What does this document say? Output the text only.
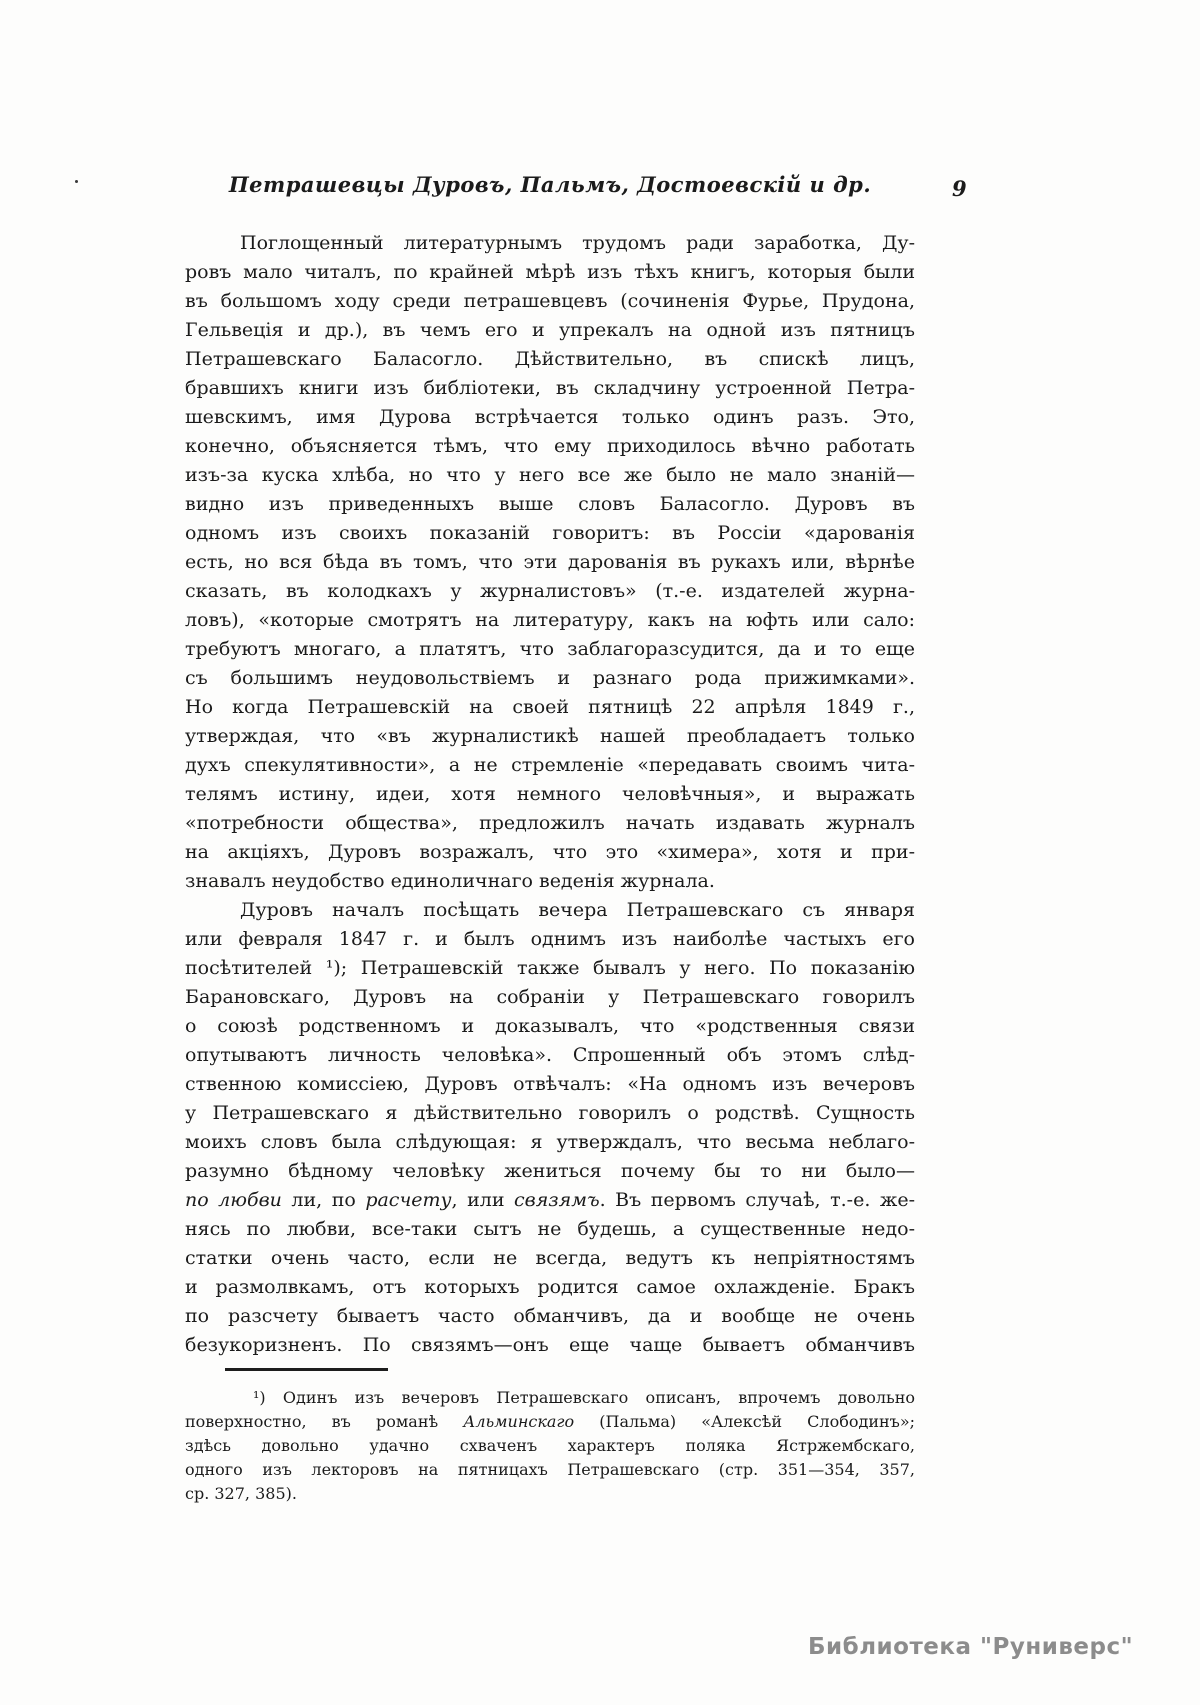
Петрашевцы Дуровъ, Пальмъ, Достоевскій и др.	9
Поглощенный литературнымъ трудомъ ради заработка, Ду-
ровъ мало читалъ, по крайней мѣрѣ изъ тѣхъ книгъ, которыя были
въ большомъ ходу среди петрашевцевъ (сочиненія Фурье, Прудона,
Гельвеція и др.), въ чемъ его и упрекалъ на одной изъ пятницъ
Петрашевскаго Баласогло. Дѣйствительно, въ спискѣ лицъ,
бравшихъ книги изъ библіотеки, въ складчину устроенной Петра-
шевскимъ, имя Дурова встрѣчается только одинъ разъ. Это,
конечно, объясняется тѣмъ, что ему приходилось вѣчно работать
изъ-за куска хлѣба, но что у него все же было не мало знаній—
видно изъ приведенныхъ выше словъ Баласогло. Дуровъ въ
одномъ изъ своихъ показаній говоритъ: въ Россіи «дарованія
есть, но вся бѣда въ томъ, что эти дарованія въ рукахъ или, вѣрнѣе
сказать, въ колодкахъ у журналистовъ» (т.-е. издателей журна-
ловъ), «которые смотрятъ на литературу, какъ на юфть или сало:
требуютъ многаго, а платятъ, что заблагоразсудится, да и то еще
съ большимъ неудовольствіемъ и разнаго рода прижимками».
Но когда Петрашевскій на своей пятницѣ 22 апрѣля 1849 г.,
утверждая, что «въ журналистикѣ нашей преобладаетъ только
духъ спекулятивности», а не стремленіе «передавать своимъ чита-
телямъ истину, идеи, хотя немного человѣчныя», и выражать
«потребности общества», предложилъ начать издавать журналъ
на акціяхъ, Дуровъ возражалъ, что это «химера», хотя и при-
знавалъ неудобство единоличнаго веденія журнала.
Дуровъ началъ посѣщать вечера Петрашевскаго съ января
или февраля 1847 г. и былъ однимъ изъ наиболѣе частыхъ его
посѣтителей ¹); Петрашевскій также бывалъ у него. По показанію
Барановскаго, Дуровъ на собраніи у Петрашевскаго говорилъ
о союзѣ родственномъ и доказывалъ, что «родственныя связи
опутываютъ личность человѣка». Спрошенный объ этомъ слѣд-
ственною комиссіею, Дуровъ отвѣчалъ: «На одномъ изъ вечеровъ
у Петрашевскаго я дѣйствительно говорилъ о родствѣ. Сущность
моихъ словъ была слѣдующая: я утверждалъ, что весьма неблаго-
разумно бѣдному человѣку жениться почему бы то ни было—
по любви ли, по расчету, или связямъ. Въ первомъ случаѣ, т.-е. же-
нясь по любви, все-таки сытъ не будешь, а существенные недо-
статки очень часто, если не всегда, ведутъ къ непріятностямъ
и размолвкамъ, отъ которыхъ родится самое охлажденіе. Бракъ
по разсчету бываетъ часто обманчивъ, да и вообще не очень
безукоризненъ. По связямъ—онъ еще чаще бываетъ обманчивъ
¹) Одинъ изъ вечеровъ Петрашевскаго описанъ, впрочемъ довольно
поверхностно, въ романѣ Альминскаго (Пальма) «Алексѣй Слободинъ»;
здѣсь довольно удачно схваченъ характеръ поляка Ястржембскаго,
одного изъ лекторовъ на пятницахъ Петрашевскаго (стр. 351—354, 357,
ср. 327, 385).
Библиотека "Руниверс"
